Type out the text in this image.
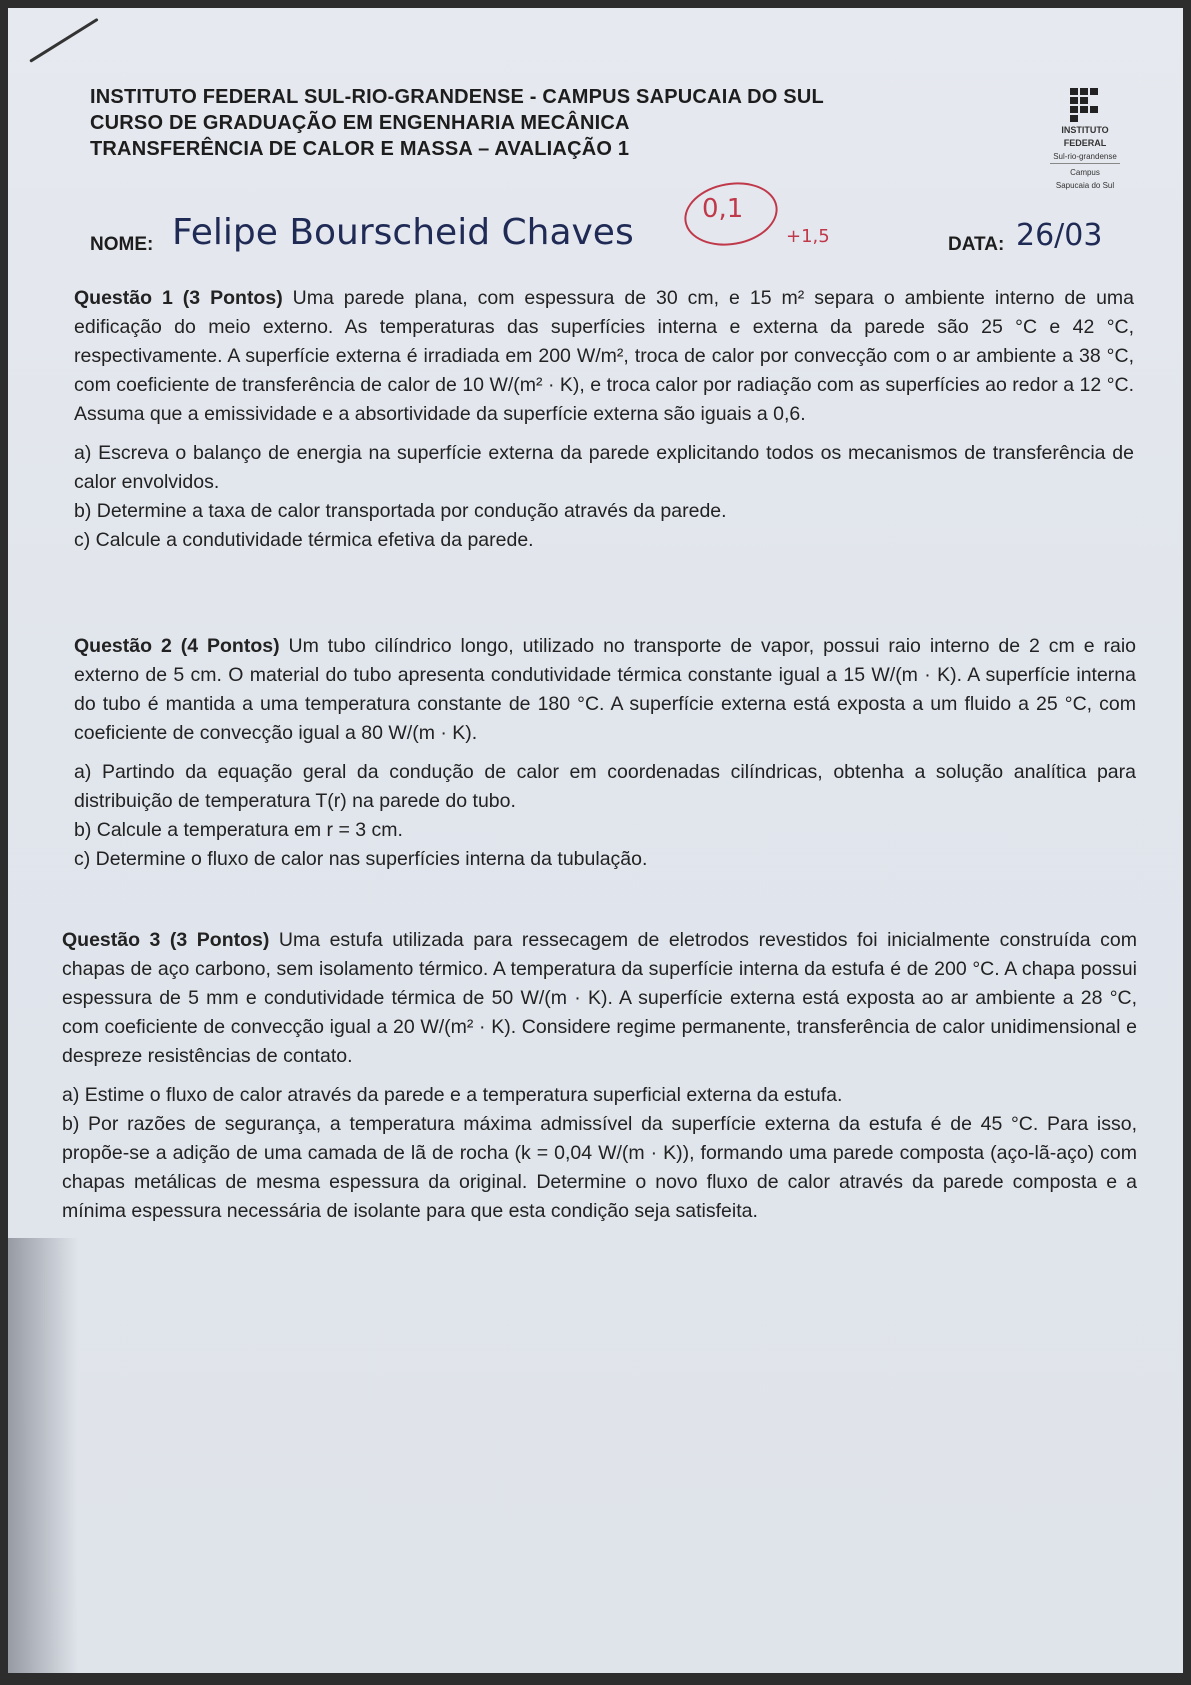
INSTITUTO FEDERAL SUL-RIO-GRANDENSE - CAMPUS SAPUCAIA DO SUL
CURSO DE GRADUAÇÃO EM ENGENHARIA MECÂNICA
TRANSFERÊNCIA DE CALOR E MASSA – AVALIAÇÃO 1
INSTITUTO
FEDERAL
Sul-rio-grandense
Campus
Sapucaia do Sul
0,1
+1,5
NOME: Felipe Bourscheid Chaves	DATA: 26/03

Questão 1 (3 Pontos) Uma parede plana, com espessura de 30 cm, e 15 m² separa o ambiente interno de uma edificação do meio externo. As temperaturas das superfícies interna e externa da parede são 25 °C e 42 °C, respectivamente. A superfície externa é irradiada em 200 W/m², troca de calor por convecção com o ar ambiente a 38 °C, com coeficiente de transferência de calor de 10 W/(m² · K), e troca calor por radiação com as superfícies ao redor a 12 °C. Assuma que a emissividade e a absortividade da superfície externa são iguais a 0,6.

a) Escreva o balanço de energia na superfície externa da parede explicitando todos os mecanismos de transferência de calor envolvidos.

b) Determine a taxa de calor transportada por condução através da parede.

c) Calcule a condutividade térmica efetiva da parede.

Questão 2 (4 Pontos) Um tubo cilíndrico longo, utilizado no transporte de vapor, possui raio interno de 2 cm e raio externo de 5 cm. O material do tubo apresenta condutividade térmica constante igual a 15 W/(m · K). A superfície interna do tubo é mantida a uma temperatura constante de 180 °C. A superfície externa está exposta a um fluido a 25 °C, com coeficiente de convecção igual a 80 W/(m · K).

a) Partindo da equação geral da condução de calor em coordenadas cilíndricas, obtenha a solução analítica para distribuição de temperatura T(r) na parede do tubo.

b) Calcule a temperatura em r = 3 cm.

c) Determine o fluxo de calor nas superfícies interna da tubulação.

Questão 3 (3 Pontos) Uma estufa utilizada para ressecagem de eletrodos revestidos foi inicialmente construída com chapas de aço carbono, sem isolamento térmico. A temperatura da superfície interna da estufa é de 200 °C. A chapa possui espessura de 5 mm e condutividade térmica de 50 W/(m · K). A superfície externa está exposta ao ar ambiente a 28 °C, com coeficiente de convecção igual a 20 W/(m² · K). Considere regime permanente, transferência de calor unidimensional e despreze resistências de contato.

a) Estime o fluxo de calor através da parede e a temperatura superficial externa da estufa.

b) Por razões de segurança, a temperatura máxima admissível da superfície externa da estufa é de 45 °C. Para isso, propõe-se a adição de uma camada de lã de rocha (k = 0,04 W/(m · K)), formando uma parede composta (aço-lã-aço) com chapas metálicas de mesma espessura da original. Determine o novo fluxo de calor através da parede composta e a mínima espessura necessária de isolante para que esta condição seja satisfeita.
